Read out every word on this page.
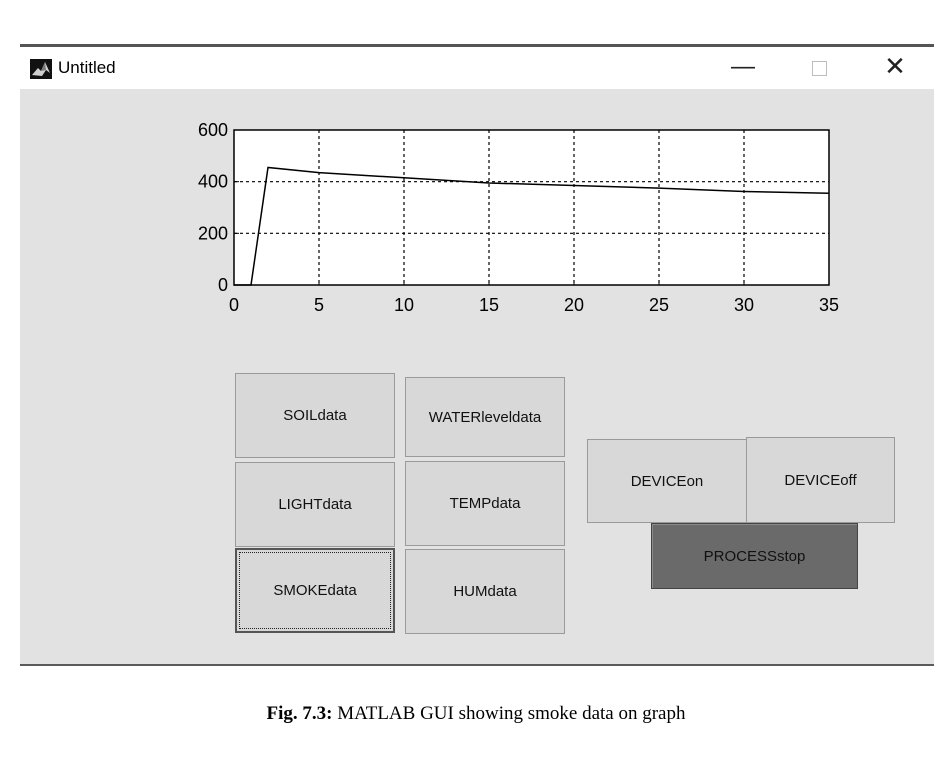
Untitled	—	✕
0	5	10	15	20	25	30	35
0
200
400
600
SOILdata	WATERleveldata
LIGHTdata	TEMPdata
SMOKEdata	HUMdata
DEVICEon	DEVICEoff
PROCESSstop
Fig. 7.3: MATLAB GUI showing smoke data on graph
